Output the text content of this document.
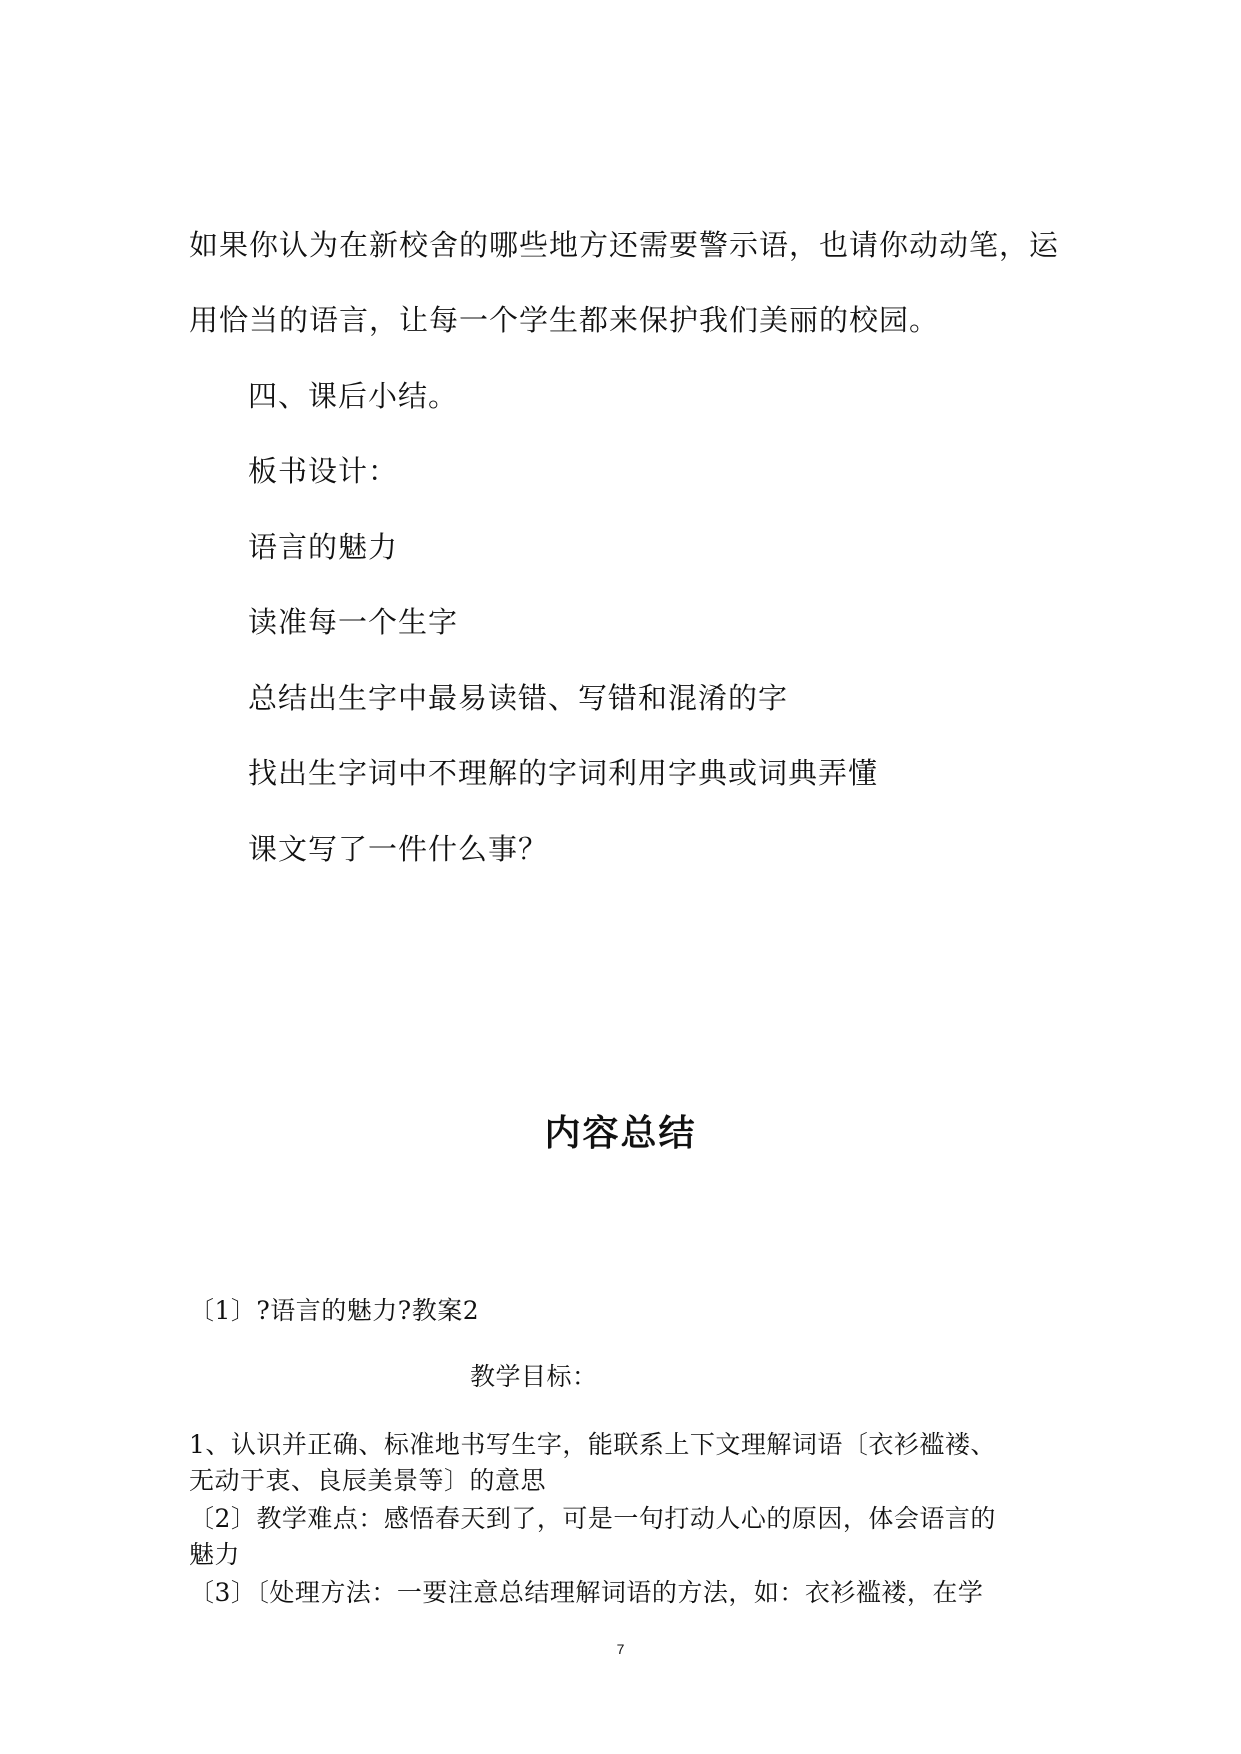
如果你认为在新校舍的哪些地方还需要警示语，也请你动动笔，运
用恰当的语言，让每一个学生都来保护我们美丽的校园。
四、课后小结。
板书设计：
语言的魅力
读准每一个生字
总结出生字中最易读错、写错和混淆的字
找出生字词中不理解的字词利用字典或词典弄懂
课文写了一件什么事？
内容总结
〔1〕?语言的魅力?教案2
教学目标：
1、认识并正确、标准地书写生字，能联系上下文理解词语〔衣衫褴褛、
无动于衷、良辰美景等〕的意思
〔2〕教学难点：感悟春天到了，可是一句打动人心的原因，体会语言的
魅力
〔3〕〔处理方法：一要注意总结理解词语的方法，如：衣衫褴褛，在学
7
